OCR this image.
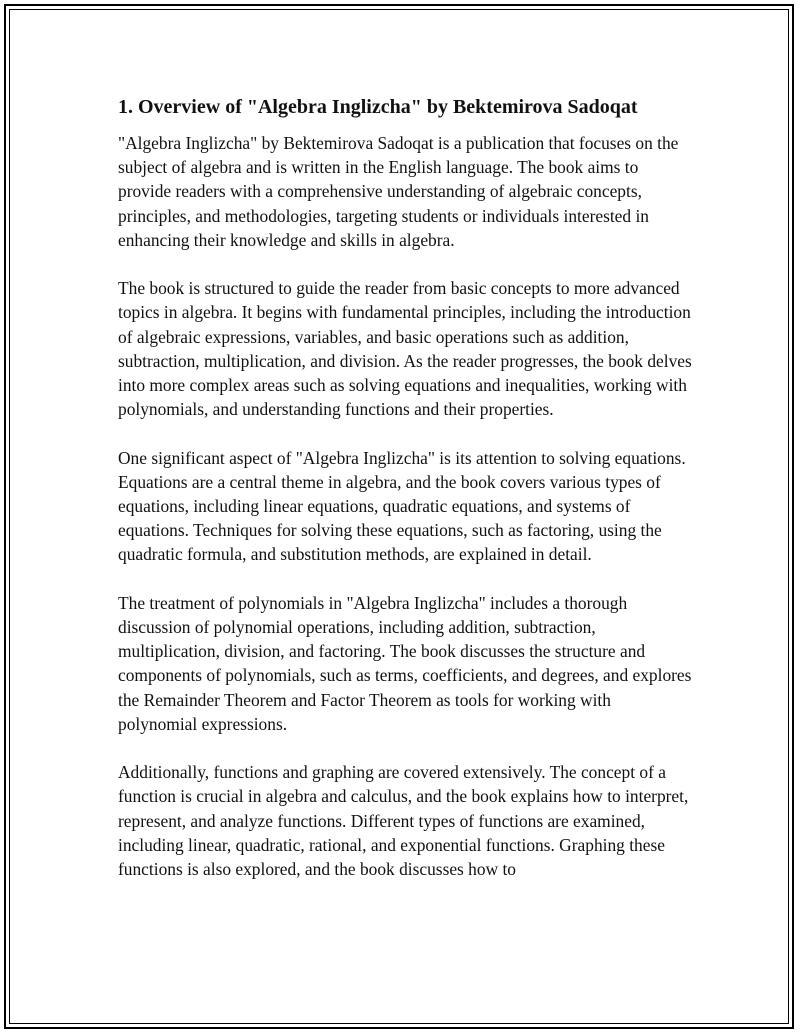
1. Overview of "Algebra Inglizcha" by Bektemirova Sadoqat

"Algebra Inglizcha" by Bektemirova Sadoqat is a publication that focuses on the subject of algebra and is written in the English language. The book aims to provide readers with a comprehensive understanding of algebraic concepts, principles, and methodologies, targeting students or individuals interested in enhancing their knowledge and skills in algebra.

The book is structured to guide the reader from basic concepts to more advanced topics in algebra. It begins with fundamental principles, including the introduction of algebraic expressions, variables, and basic operations such as addition, subtraction, multiplication, and division. As the reader progresses, the book delves into more complex areas such as solving equations and inequalities, working with polynomials, and understanding functions and their properties.

One significant aspect of "Algebra Inglizcha" is its attention to solving equations. Equations are a central theme in algebra, and the book covers various types of equations, including linear equations, quadratic equations, and systems of equations. Techniques for solving these equations, such as factoring, using the quadratic formula, and substitution methods, are explained in detail.

The treatment of polynomials in "Algebra Inglizcha" includes a thorough discussion of polynomial operations, including addition, subtraction, multiplication, division, and factoring. The book discusses the structure and components of polynomials, such as terms, coefficients, and degrees, and explores the Remainder Theorem and Factor Theorem as tools for working with polynomial expressions.

Additionally, functions and graphing are covered extensively. The concept of a function is crucial in algebra and calculus, and the book explains how to interpret, represent, and analyze functions. Different types of functions are examined, including linear, quadratic, rational, and exponential functions. Graphing these functions is also explored, and the book discusses how to
